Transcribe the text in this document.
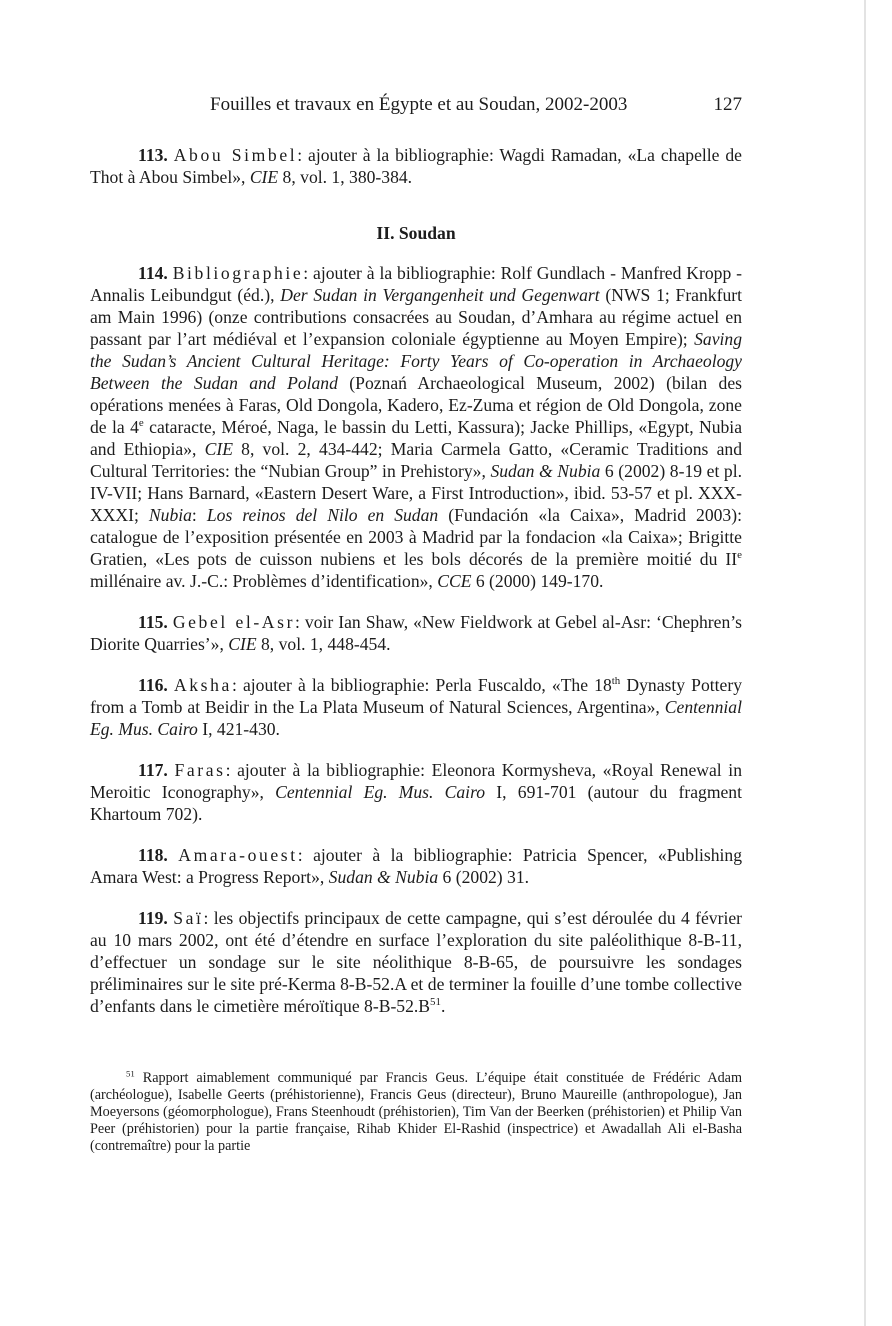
Fouilles et travaux en Égypte et au Soudan, 2002-2003	127

113. Abou Simbel: ajouter à la bibliographie: Wagdi Ramadan, «La chapelle de Thot à Abou Simbel», CIE 8, vol. 1, 380-384.

II. Soudan

114. Bibliographie: ajouter à la bibliographie: Rolf Gundlach - Manfred Kropp - Annalis Leibundgut (éd.), Der Sudan in Vergangenheit und Gegenwart (NWS 1; Frankfurt am Main 1996) (onze contributions consacrées au Soudan, d’Amhara au régime actuel en passant par l’art médiéval et l’expansion coloniale égyptienne au Moyen Empire); Saving the Sudan’s Ancient Cultural Heritage: Forty Years of Co-operation in Archaeology Between the Sudan and Poland (Poznań Archaeological Museum, 2002) (bilan des opérations menées à Faras, Old Dongola, Kadero, Ez-Zuma et région de Old Dongola, zone de la 4e cataracte, Méroé, Naga, le bassin du Letti, Kassura); Jacke Phillips, «Egypt, Nubia and Ethiopia», CIE 8, vol. 2, 434-442; Maria Carmela Gatto, «Ceramic Traditions and Cultural Territories: the “Nubian Group” in Prehistory», Sudan & Nubia 6 (2002) 8-19 et pl. IV-VII; Hans Barnard, «Eastern Desert Ware, a First Introduction», ibid. 53-57 et pl. XXX-XXXI; Nubia: Los reinos del Nilo en Sudan (Fundación «la Caixa», Madrid 2003): catalogue de l’exposition présentée en 2003 à Madrid par la fondacion «la Caixa»; Brigitte Gratien, «Les pots de cuisson nubiens et les bols décorés de la première moitié du IIe millénaire av. J.-C.: Problèmes d’identification», CCE 6 (2000) 149-170.

115. Gebel el-Asr: voir Ian Shaw, «New Fieldwork at Gebel al-Asr: ‘Chephren’s Diorite Quarries’», CIE 8, vol. 1, 448-454.

116. Aksha: ajouter à la bibliographie: Perla Fuscaldo, «The 18th Dynasty Pottery from a Tomb at Beidir in the La Plata Museum of Natural Sciences, Argentina», Centennial Eg. Mus. Cairo I, 421-430.

117. Faras: ajouter à la bibliographie: Eleonora Kormysheva, «Royal Renewal in Meroitic Iconography», Centennial Eg. Mus. Cairo I, 691-701 (autour du fragment Khartoum 702).

118. Amara-ouest: ajouter à la bibliographie: Patricia Spencer, «Publishing Amara West: a Progress Report», Sudan & Nubia 6 (2002) 31.

119. Saï: les objectifs principaux de cette campagne, qui s’est déroulée du 4 février au 10 mars 2002, ont été d’étendre en surface l’exploration du site paléolithique 8-B-11, d’effectuer un sondage sur le site néolithique 8-B-65, de poursuivre les sondages préliminaires sur le site pré-Kerma 8-B-52.A et de terminer la fouille d’une tombe collective d’enfants dans le cimetière méroïtique $8-B-52.B^{51}$.

$^{51}$ Rapport aimablement communiqué par Francis Geus. L’équipe était constituée de Frédéric Adam (archéologue), Isabelle Geerts (préhistorienne), Francis Geus (directeur), Bruno Maureille (anthropologue), Jan Moeyersons (géomorphologue), Frans Steenhoudt (préhistorien), Tim Van der Beerken (préhistorien) et Philip Van Peer (préhistorien) pour la partie française, Rihab Khider El-Rashid (inspectrice) et Awadallah Ali el-Basha (contremaître) pour la partie
